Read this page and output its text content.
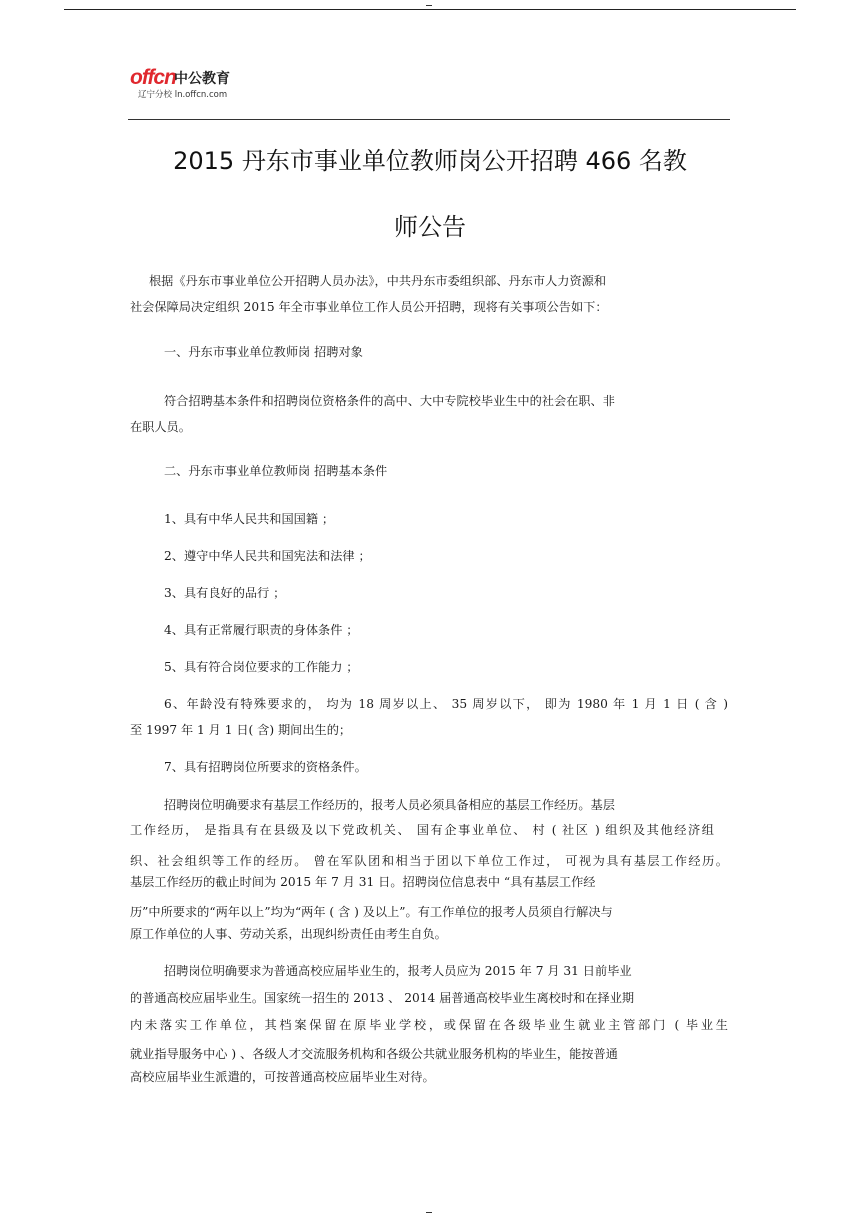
offcn
中公教育
辽宁分校 ln.offcn.com
2015 丹东市事业单位教师岗公开招聘 466 名教
师公告
根据《丹东市事业单位公开招聘人员办法》，中共丹东市委组织部、丹东市人力资源和
社会保障局决定组织 2015 年全市事业单位工作人员公开招聘，现将有关事项公告如下：
一、丹东市事业单位教师岗 招聘对象
符合招聘基本条件和招聘岗位资格条件的高中、大中专院校毕业生中的社会在职、非
在职人员。
二、丹东市事业单位教师岗 招聘基本条件
1、具有中华人民共和国国籍 ；
2、遵守中华人民共和国宪法和法律 ；
3、具有良好的品行 ；
4、具有正常履行职责的身体条件 ；
5、具有符合岗位要求的工作能力 ；
6、年龄没有特殊要求的， 均为 18 周岁以上、 35 周岁以下， 即为 1980 年 1 月 1 日 ( 含 )
至 1997 年 1 月 1 日( 含) 期间出生的；
7、具有招聘岗位所要求的资格条件。
招聘岗位明确要求有基层工作经历的，报考人员必须具备相应的基层工作经历。基层
工作经历， 是指具有在县级及以下党政机关、 国有企事业单位、 村 ( 社区 ) 组织及其他经济组
织、社会组织等工作的经历。 曾在军队团和相当于团以下单位工作过， 可视为具有基层工作经历。
基层工作经历的截止时间为 2015 年 7 月 31 日。招聘岗位信息表中 “具有基层工作经
历”中所要求的“两年以上”均为“两年 ( 含 ) 及以上”。有工作单位的报考人员须自行解决与
原工作单位的人事、劳动关系，出现纠纷责任由考生自负。
招聘岗位明确要求为普通高校应届毕业生的，报考人员应为 2015 年 7 月 31 日前毕业
的普通高校应届毕业生。国家统一招生的 2013 、 2014 届普通高校毕业生离校时和在择业期
内未落实工作单位，其档案保留在原毕业学校，或保留在各级毕业生就业主管部门 ( 毕业生
就业指导服务中心 ) 、各级人才交流服务机构和各级公共就业服务机构的毕业生，能按普通
高校应届毕业生派遣的，可按普通高校应届毕业生对待。
